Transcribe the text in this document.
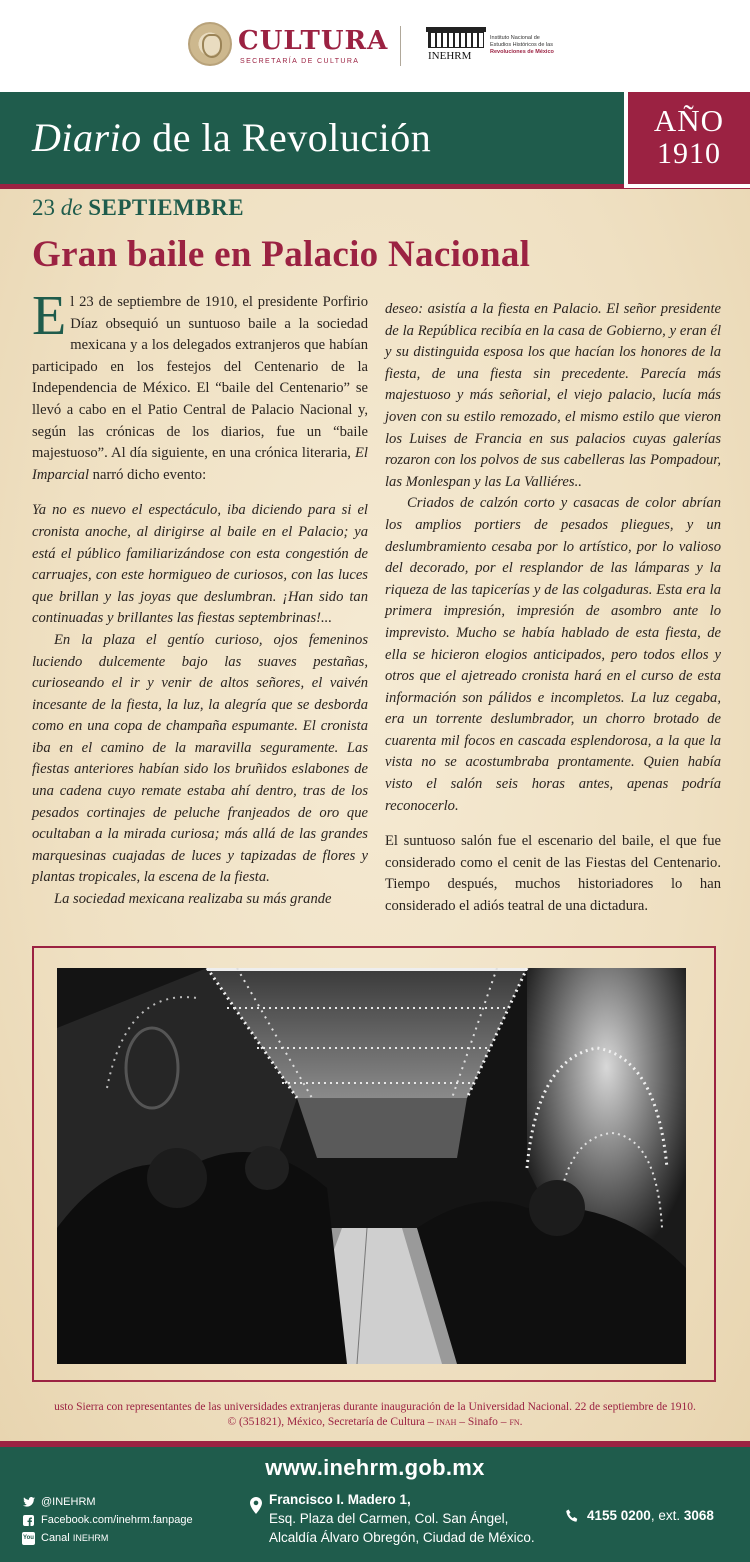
CULTURA
SECRETARÍA DE CULTURA	INEHRM
Instituto Nacional de
Estudios Históricos de las
Revoluciones de México
Diario de la Revolución	AÑO
1910
23 de SEPTIEMBRE
Gran baile en Palacio Nacional

El 23 de septiembre de 1910, el presidente Porfirio Díaz obsequió un suntuoso baile a la sociedad mexicana y a los delegados extranjeros que habían participado en los festejos del Centenario de la Independencia de México. El “baile del Centenario” se llevó a cabo en el Patio Central de Palacio Nacional y, según las crónicas de los diarios, fue un “baile majestuoso”. Al día siguiente, en una crónica literaria, El Imparcial narró dicho evento:

Ya no es nuevo el espectáculo, iba diciendo para si el cronista anoche, al dirigirse al baile en el Palacio; ya está el público familiarizándose con esta congestión de carruajes, con este hormigueo de curiosos, con las luces que brillan y las joyas que deslumbran. ¡Han sido tan continuadas y brillantes las fiestas septembrinas!...

En la plaza el gentío curioso, ojos femeninos luciendo dulcemente bajo las suaves pestañas, curioseando el ir y venir de altos señores, el vaivén incesante de la fiesta, la luz, la alegría que se desborda como en una copa de champaña espumante. El cronista iba en el camino de la maravilla seguramente. Las fiestas anteriores habían sido los bruñidos eslabones de una cadena cuyo remate estaba ahí dentro, tras de los pesados cortinajes de peluche franjeados de oro que ocultaban a la mirada curiosa; más allá de las grandes marquesinas cuajadas de luces y tapizadas de flores y plantas tropicales, la escena de la fiesta.

La sociedad mexicana realizaba su más grande

usto Sierra con representantes de las universidades extranjeras durante inauguración de la Universidad Nacional. 22 de septiembre de 1910.
© (351821), México, Secretaría de Cultura – inah – Sinafo – fn.
www.inehrm.gob.mx
@INEHRM
Facebook.com/inehrm.fanpage
You Canal
INEHRM
Francisco I. Madero 1,
Esq. Plaza del Carmen, Col. San Ángel,
Alcaldía Álvaro Obregón, Ciudad de México.
4155 0200, ext. 3068

deseo: asistía a la fiesta en Palacio. El señor presidente de la República recibía en la casa de Gobierno, y eran él y su distinguida esposa los que hacían los honores de la fiesta, de una fiesta sin precedente. Parecía más majestuoso y más señorial, el viejo palacio, lucía más joven con su estilo remozado, el mismo estilo que vieron los Luises de Francia en sus palacios cuyas galerías rozaron con los polvos de sus cabelleras las Pompadour, las Monlespan y las La Valliéres..

Criados de calzón corto y casacas de color abrían los amplios portiers de pesados pliegues, y un deslumbramiento cesaba por lo artístico, por lo valioso del decorado, por el resplandor de las lámparas y la riqueza de las tapicerías y de las colgaduras. Esta era la primera impresión, impresión de asombro ante lo imprevisto. Mucho se había hablado de esta fiesta, de ella se hicieron elogios anticipados, pero todos ellos y otros que el ajetreado cronista hará en el curso de esta información son pálidos e incompletos. La luz cegaba, era un torrente deslumbrador, un chorro brotado de cuarenta mil focos en cascada esplendorosa, a la que la vista no se acostumbraba prontamente. Quien había visto el salón seis horas antes, apenas podría reconocerlo.

El suntuoso salón fue el escenario del baile, el que fue considerado como el cenit de las Fiestas del Centenario. Tiempo después, muchos historiadores lo han considerado el adiós teatral de una dictadura.
